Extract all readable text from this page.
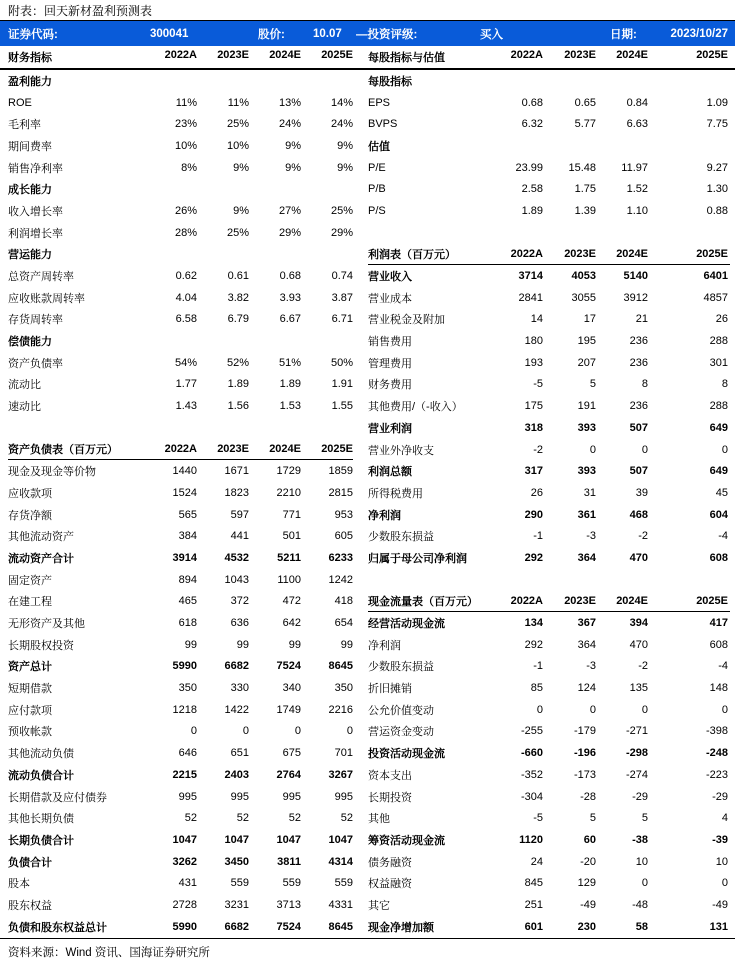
附表：回天新材盈利预测表
证券代码:	300041	股价: 10.07 —投资评级:	买入	日期:	2023/10/27
财务指标	2022A	2023E	2024E	2025E 每股指标与估值	2022A	2023E	2024E	2025E
盈利能力
ROE	11%	11%	13%	14%
毛利率	23%	25%	24%	24%
期间费率	10%	10%	9%	9%
销售净利率	8%	9%	9%	9%
成长能力
收入增长率	26%	9%	27%	25%
利润增长率	28%	25%	29%	29%
营运能力
总资产周转率	0.62	0.61	0.68	0.74
应收账款周转率	4.04	3.82	3.93	3.87
存货周转率	6.58	6.79	6.67	6.71
偿债能力
资产负债率	54%	52%	51%	50%
流动比	1.77	1.89	1.89	1.91
速动比	1.43	1.56	1.53	1.55
资产负债表（百万元）	2022A	2023E	2024E	2025E
现金及现金等价物	1440	1671	1729	1859
应收款项	1524	1823	2210	2815
存货净额	565	597	771	953
其他流动资产	384	441	501	605
流动资产合计	3914	4532	5211	6233
固定资产	894	1043	1100	1242
在建工程	465	372	472	418
无形资产及其他	618	636	642	654
长期股权投资	99	99	99	99
资产总计	5990	6682	7524	8645
短期借款	350	330	340	350
应付款项	1218	1422	1749	2216
预收帐款	0	0	0	0
其他流动负债	646	651	675	701
流动负债合计	2215	2403	2764	3267
长期借款及应付债券	995	995	995	995
其他长期负债	52	52	52	52
长期负债合计	1047	1047	1047	1047
负债合计	3262	3450	3811	4314
股本	431	559	559	559
股东权益	2728	3231	3713	4331
负债和股东权益总计	5990	6682	7524	8645
每股指标
EPS	0.68	0.65	0.84	1.09
BVPS	6.32	5.77	6.63	7.75
估值
P/E	23.99	15.48	11.97	9.27
P/B	2.58	1.75	1.52	1.30
P/S	1.89	1.39	1.10	0.88
利润表（百万元）	2022A	2023E	2024E	2025E
营业收入	3714	4053	5140	6401
营业成本	2841	3055	3912	4857
营业税金及附加	14	17	21	26
销售费用	180	195	236	288
管理费用	193	207	236	301
财务费用	-5	5	8	8
其他费用/（-收入）	175	191	236	288
营业利润	318	393	507	649
营业外净收支	-2	0	0	0
利润总额	317	393	507	649
所得税费用	26	31	39	45
净利润	290	361	468	604
少数股东损益	-1	-3	-2	-4
归属于母公司净利润	292	364	470	608
现金流量表（百万元）	2022A	2023E	2024E	2025E
经营活动现金流	134	367	394	417
净利润	292	364	470	608
少数股东损益	-1	-3	-2	-4
折旧摊销	85	124	135	148
公允价值变动	0	0	0	0
营运资金变动	-255	-179	-271	-398
投资活动现金流	-660	-196	-298	-248
资本支出	-352	-173	-274	-223
长期投资	-304	-28	-29	-29
其他	-5	5	5	4
筹资活动现金流	1120	60	-38	-39
债务融资	24	-20	10	10
权益融资	845	129	0	0
其它	251	-49	-48	-49
现金净增加额	601	230	58	131
资料来源：Wind 资讯、国海证券研究所
